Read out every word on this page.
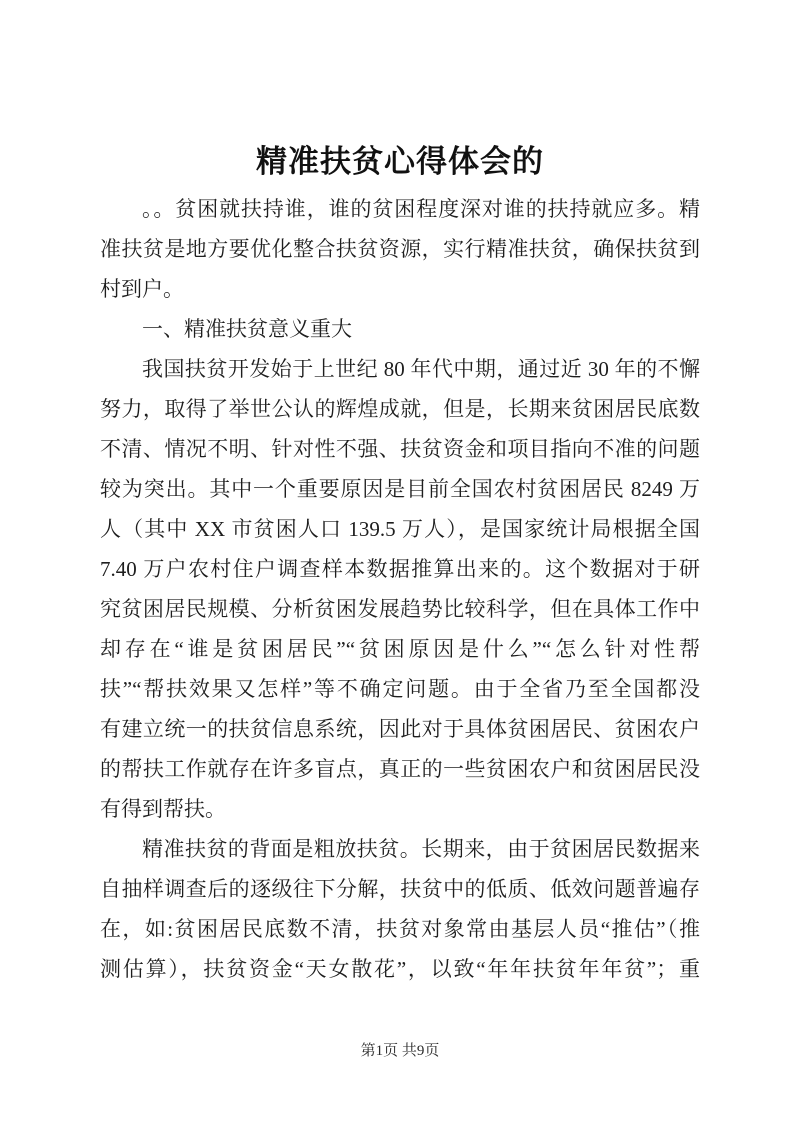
精准扶贫心得体会的
。。贫困就扶持谁，谁的贫困程度深对谁的扶持就应多。精
准扶贫是地方要优化整合扶贫资源，实行精准扶贫，确保扶贫到
村到户。
一、精准扶贫意义重大
我国扶贫开发始于上世纪 80 年代中期，通过近 30 年的不懈
努力，取得了举世公认的辉煌成就，但是，长期来贫困居民底数
不清、情况不明、针对性不强、扶贫资金和项目指向不准的问题
较为突出。其中一个重要原因是目前全国农村贫困居民 8249 万
人（其中 XX 市贫困人口 139.5 万人），是国家统计局根据全国
7.40 万户农村住户调查样本数据推算出来的。这个数据对于研
究贫困居民规模、分析贫困发展趋势比较科学，但在具体工作中
却存在“谁是贫困居民”“贫困原因是什么”“怎么针对性帮
扶”“帮扶效果又怎样”等不确定问题。由于全省乃至全国都没
有建立统一的扶贫信息系统，因此对于具体贫困居民、贫困农户
的帮扶工作就存在许多盲点，真正的一些贫困农户和贫困居民没
有得到帮扶。
精准扶贫的背面是粗放扶贫。长期来，由于贫困居民数据来
自抽样调查后的逐级往下分解，扶贫中的低质、低效问题普遍存
在，如:贫困居民底数不清，扶贫对象常由基层人员“推估”（推
测估算），扶贫资金“天女散花”，以致“年年扶贫年年贫”；重
第1页 共9页
